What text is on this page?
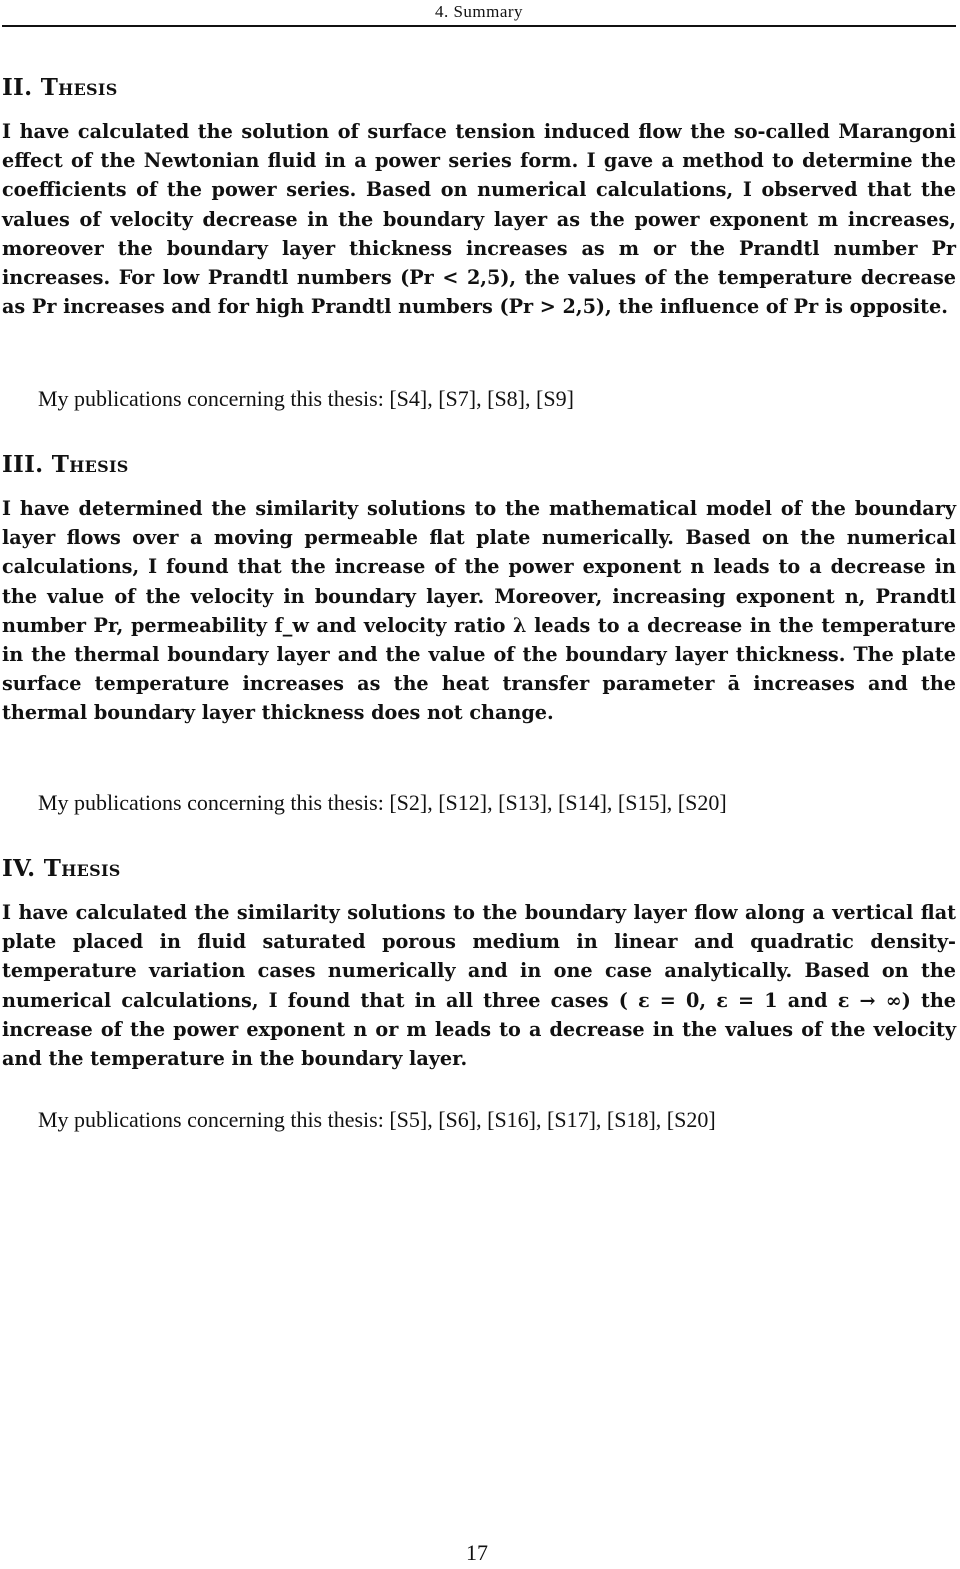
4. Summary
II. Thesis

I have calculated the solution of surface tension induced flow the so-called Marangoni effect of the Newtonian fluid in a power series form. I gave a method to determine the coefficients of the power series. Based on numerical calculations, I observed that the values of velocity decrease in the boundary layer as the power exponent m increases, moreover the boundary layer thickness increases as m or the Prandtl number Pr increases. For low Prandtl numbers (Pr < 2,5), the values of the temperature decrease as Pr increases and for high Prandtl numbers (Pr > 2,5), the influence of Pr is opposite.

My publications concerning this thesis: [S4], [S7], [S8], [S9]

III. Thesis

I have determined the similarity solutions to the mathematical model of the boundary layer flows over a moving permeable flat plate numerically. Based on the numerical calculations, I found that the increase of the power exponent n leads to a decrease in the value of the velocity in boundary layer. Moreover, increasing exponent n, Prandtl number Pr, permeability f_w and velocity ratio λ leads to a decrease in the temperature in the thermal boundary layer and the value of the boundary layer thickness. The plate surface temperature increases as the heat transfer parameter ā increases and the thermal boundary layer thickness does not change.

My publications concerning this thesis: [S2], [S12], [S13], [S14], [S15], [S20]

IV. Thesis

I have calculated the similarity solutions to the boundary layer flow along a vertical flat plate placed in fluid saturated porous medium in linear and quadratic density-temperature variation cases numerically and in one case analytically. Based on the numerical calculations, I found that in all three cases ( ε = 0, ε = 1 and ε → ∞) the increase of the power exponent n or m leads to a decrease in the values of the velocity and the temperature in the boundary layer.

My publications concerning this thesis: [S5], [S6], [S16], [S17], [S18], [S20]

17
